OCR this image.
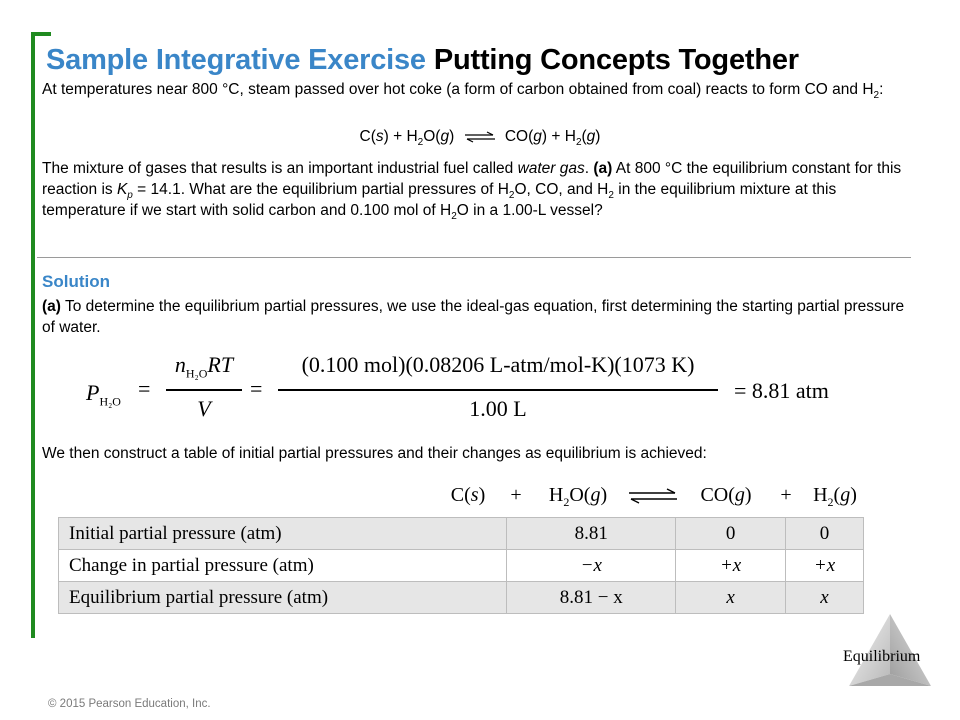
Sample Integrative Exercise Putting Concepts Together
At temperatures near 800 °C, steam passed over hot coke (a form of carbon obtained from coal) reacts to form CO and $H_2$:
$C(s) + H_2O(g)$ ⇌ $CO(g) + H_2(g)$
The mixture of gases that results is an important industrial fuel called water gas. (a) At 800 °C the equilibrium constant for this reaction is $K_p = 14.1$. What are the equilibrium partial pressures of $H_2O$, CO, and $H_2$ in the equilibrium mixture at this temperature if we start with solid carbon and 0.100 mol of $H_2O$ in a 1.00-L vessel?
Solution
(a) To determine the equilibrium partial pressures, we use the ideal-gas equation, first determining the starting partial pressure of water.
$P_{H_2O}$
=
$n_{H_2O}RT$
V
=
(0.100 mol)(0.08206 L-atm/mol-K)(1073 K)
1.00 L
= 8.81 atm
We then construct a table of initial partial pressures and their changes as equilibrium is achieved:
$C(s) + H_2O(g)$ ⇌ $CO(g) + H_2(g)$
Initial partial pressure (atm)	8.81	0	0
Change in partial pressure (atm)	−x	+x	+x
Equilibrium partial pressure (atm)	8.81 − x	x	x
Equilibrium
© 2015 Pearson Education, Inc.
